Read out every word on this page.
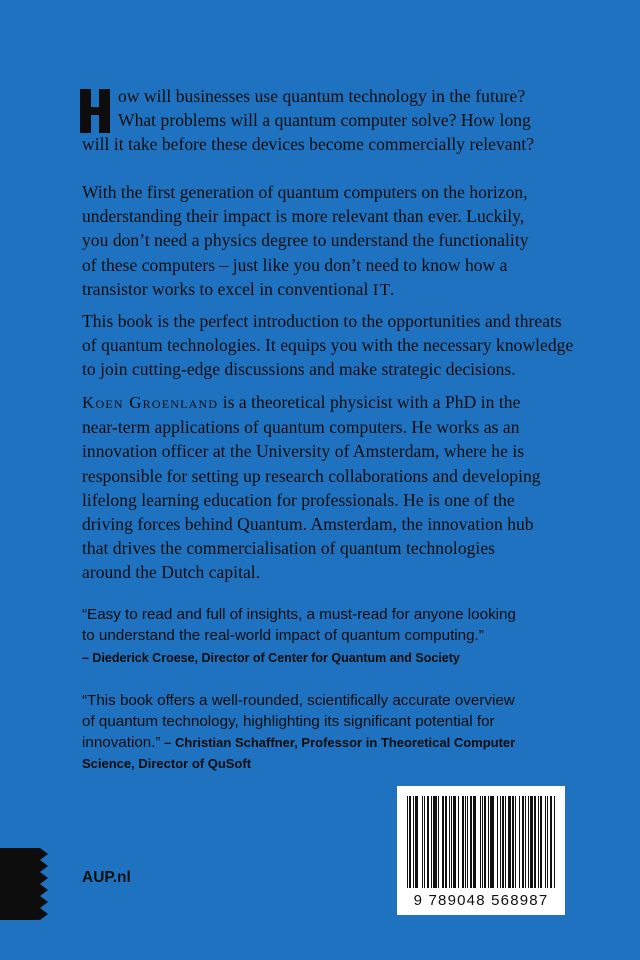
ow will businesses use quantum technology in the future?
What problems will a quantum computer solve? How long
will it take before these devices become commercially relevant?

With the first generation of quantum computers on the horizon,
understanding their impact is more relevant than ever. Luckily,
you don’t need a physics degree to understand the functionality
of these computers – just like you don’t need to know how a
transistor works to excel in conventional IT.

This book is the perfect introduction to the opportunities and threats
of quantum technologies. It equips you with the necessary knowledge
to join cutting-edge discussions and make strategic decisions.

Koen Groenland is a theoretical physicist with a PhD in the
near-term applications of quantum computers. He works as an
innovation officer at the University of Amsterdam, where he is
responsible for setting up research collaborations and developing
lifelong learning education for professionals. He is one of the
driving forces behind Quantum. Amsterdam, the innovation hub
that drives the commercialisation of quantum technologies
around the Dutch capital.

“Easy to read and full of insights, a must-read for anyone looking
to understand the real-world impact of quantum computing.”
– Diederick Croese, Director of Center for Quantum and Society
“This book offers a well-rounded, scientifically accurate overview
of quantum technology, highlighting its significant potential for
innovation.” – Christian Schaffner, Professor in Theoretical Computer
Science, Director of QuSoft
AUP.nl
9 789048 568987
